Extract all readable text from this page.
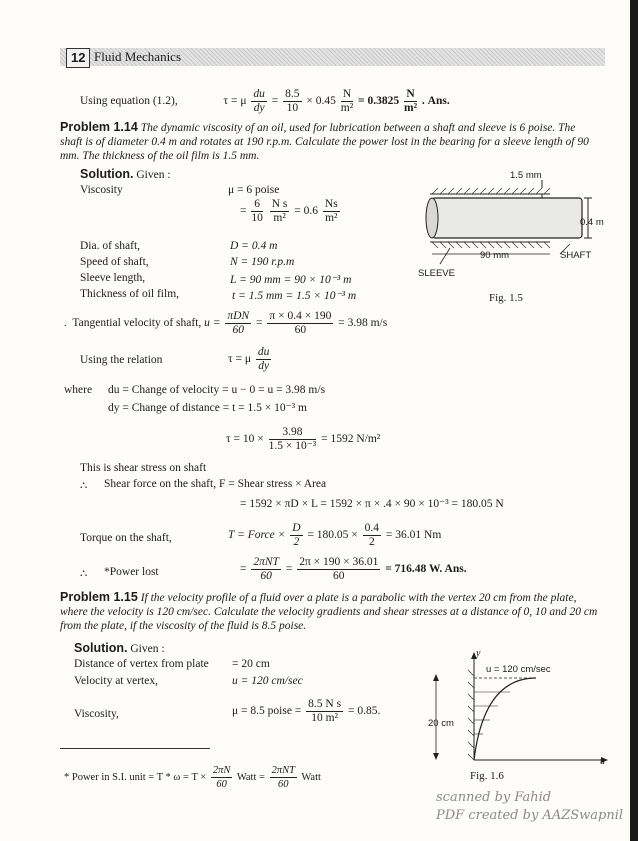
12 Fluid Mechanics
Using equation (1.2),	τ = μ $\frac{du}{dy} = \frac{8.5}{10} \times 0.45 \frac{N}{\text{m²}} = 0.3825 \frac{N}{\text{m²}}$ . Ans.
Problem 1.14 The dynamic viscosity of an oil, used for lubrication between a shaft and sleeve is 6 poise. The shaft is of diameter 0.4 m and rotates at 190 r.p.m. Calculate the power lost in the bearing for a sleeve length of 90 mm. The thickness of the oil film is 1.5 mm.
Solution. Given :
Viscosity	μ = 6 poise
= $\frac{6}{10}$
$\frac{\text{N s}}{\text{m²}} = 0.6 \frac{Ns}{\text{m²}}$
Dia. of shaft,	D = 0.4 m
Speed of shaft,	N = 190 r.p.m
Sleeve length,	L = 90 mm = 90 × 10⁻³ m
Thickness of oil film,	t = 1.5 mm = 1.5 × 10⁻³ m
.  Tangential velocity of shaft, $u = \frac{\text{πDN}}{60} = \frac{\pi \times 0.4 \times 190}{60} = 3.98$ m/s
Using the relation	τ = μ $\frac{du}{dy}$
where du = Change of velocity = u − 0 = u = 3.98 m/s
dy = Change of distance = t = 1.5 × 10⁻³ m
$\tau = 10 \times \frac{3.98}{\text{1.5 × 10⁻³}} = 1592$ N/m²
This is shear stress on shaft
∴ Shear force on the shaft, F = Shear stress × Area
= 1592 × πD × L = 1592 × π × .4 × 90 × 10⁻³ = 180.05 N
Torque on the shaft,	T = Force × $\frac{D}{2} = 180.05 \times \frac{0.4}{2} = 36.01$ Nm
∴ *Power lost	= $\frac{\text{2πNT}}{60} = \frac{2\pi \times 190 \times 36.01}{60} = 716.48$ W. Ans.
1.5 mm
0.4 m
90 mm	SHAFT
SLEEVE
Fig. 1.5
Problem 1.15 If the velocity profile of a fluid over a plate is a parabolic with the vertex 20 cm from the plate, where the velocity is 120 cm/sec. Calculate the velocity gradients and shear stresses at a distance of 0, 10 and 20 cm from the plate, if the viscosity of the fluid is 8.5 poise.
Solution. Given :
Distance of vertex from plate = 20 cm
Velocity at vertex,	u = 120 cm/sec
Viscosity,	μ = 8.5 poise = $\frac{\text{8.5 N s}}{\text{10 m²}} = 0.85$.
y
u
u = 120 cm/sec
20 cm
Fig. 1.6
* Power in S.I. unit = $T * \omega = T \times \frac{2\pi N}{60}$ Watt = $\frac{\text{2πNT}}{60}$ Watt
scanned by Fahid
PDF created by AAZSwapnil
